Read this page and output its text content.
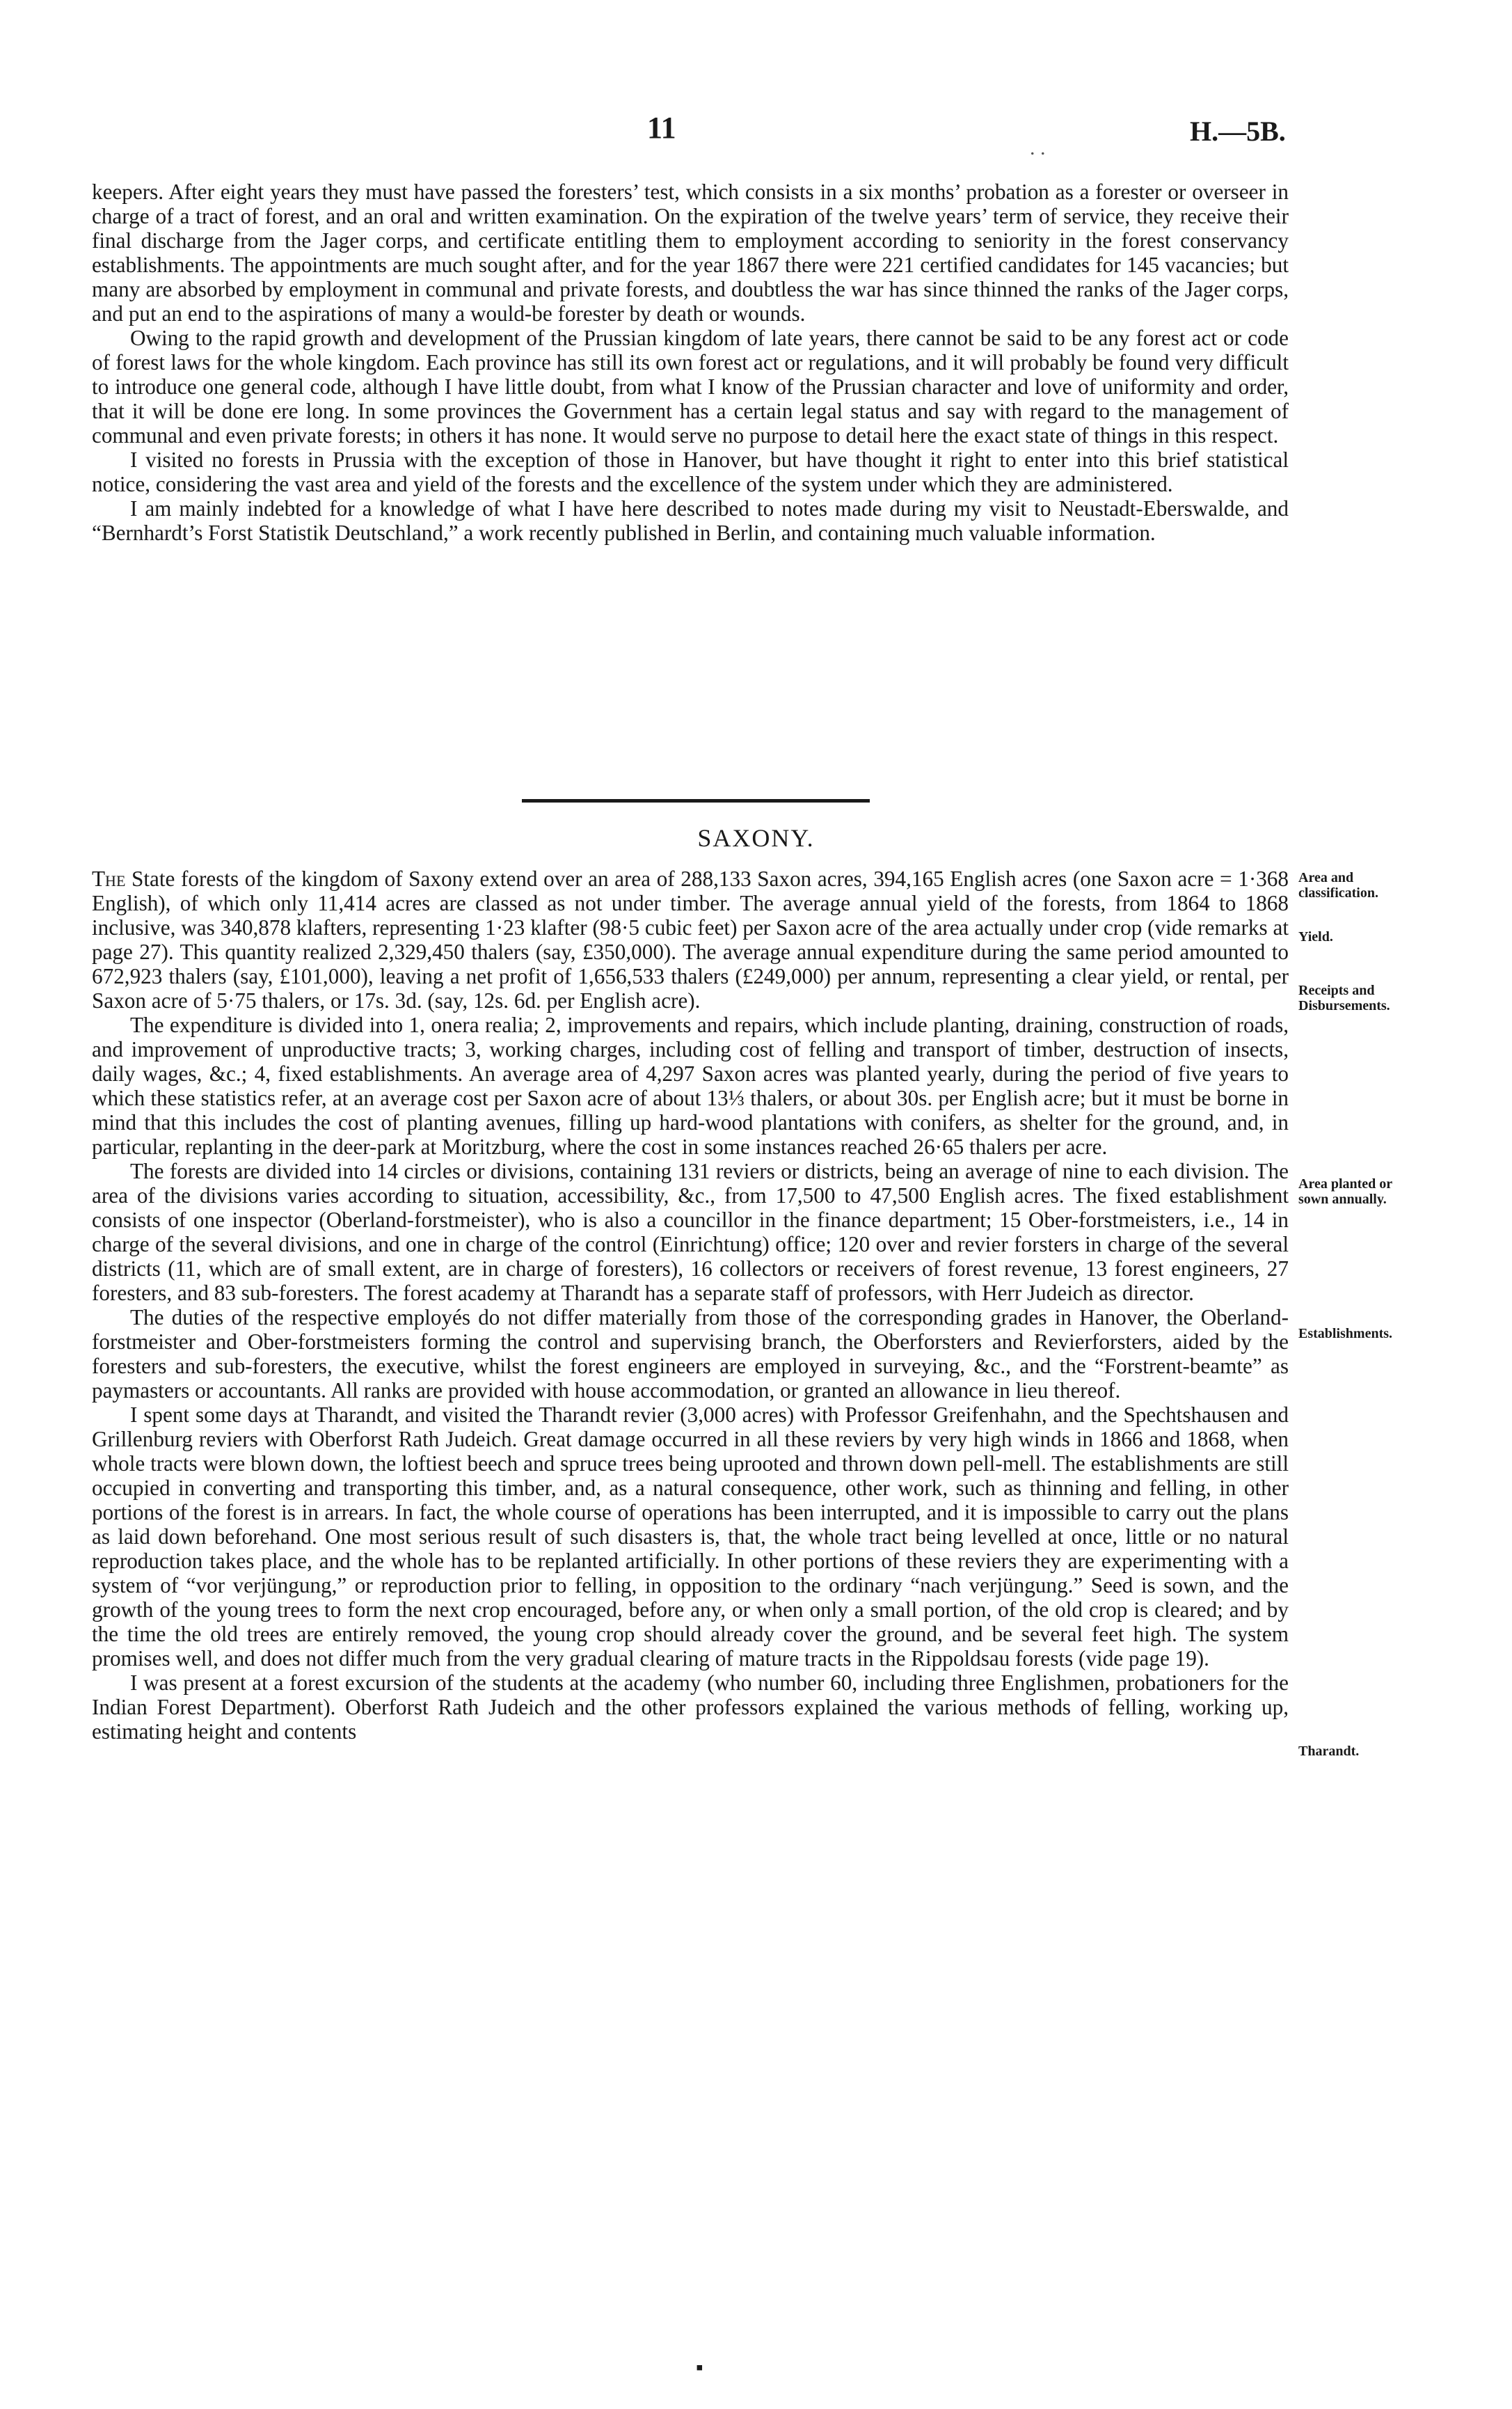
11
. .
H.—5B.

keepers. After eight years they must have passed the foresters’ test, which consists in a six months’ probation as a forester or overseer in charge of a tract of forest, and an oral and written examination. On the expiration of the twelve years’ term of service, they receive their final discharge from the Jager corps, and certificate entitling them to employment according to seniority in the forest conservancy establishments. The appointments are much sought after, and for the year 1867 there were 221 certified candidates for 145 vacancies; but many are absorbed by employment in communal and private forests, and doubtless the war has since thinned the ranks of the Jager corps, and put an end to the aspirations of many a would-be forester by death or wounds.

Owing to the rapid growth and development of the Prussian kingdom of late years, there cannot be said to be any forest act or code of forest laws for the whole kingdom. Each province has still its own forest act or regulations, and it will probably be found very difficult to introduce one general code, although I have little doubt, from what I know of the Prussian character and love of uniformity and order, that it will be done ere long. In some provinces the Government has a certain legal status and say with regard to the management of communal and even private forests; in others it has none. It would serve no purpose to detail here the exact state of things in this respect.

I visited no forests in Prussia with the exception of those in Hanover, but have thought it right to enter into this brief statistical notice, considering the vast area and yield of the forests and the excellence of the system under which they are administered.

I am mainly indebted for a knowledge of what I have here described to notes made during my visit to Neustadt-Eberswalde, and “Bernhardt’s Forst Statistik Deutschland,” a work recently published in Berlin, and containing much valuable information.

SAXONY.

The State forests of the kingdom of Saxony extend over an area of 288,133 Saxon acres, 394,165 English acres (one Saxon acre = 1·368 English), of which only 11,414 acres are classed as not under timber. The average annual yield of the forests, from 1864 to 1868 inclusive, was 340,878 klafters, representing 1·23 klafter (98·5 cubic feet) per Saxon acre of the area actually under crop (vide remarks at page 27). This quantity realized 2,329,450 thalers (say, £350,000). The average annual expenditure during the same period amounted to 672,923 thalers (say, £101,000), leaving a net profit of 1,656,533 thalers (£249,000) per annum, representing a clear yield, or rental, per Saxon acre of 5·75 thalers, or 17s. 3d. (say, 12s. 6d. per English acre).

The expenditure is divided into 1, onera realia; 2, improvements and repairs, which include planting, draining, construction of roads, and improvement of unproductive tracts; 3, working charges, including cost of felling and transport of timber, destruction of insects, daily wages, &c.; 4, fixed establishments. An average area of 4,297 Saxon acres was planted yearly, during the period of five years to which these statistics refer, at an average cost per Saxon acre of about 13⅓ thalers, or about 30s. per English acre; but it must be borne in mind that this includes the cost of planting avenues, filling up hard-wood plantations with conifers, as shelter for the ground, and, in particular, replanting in the deer-park at Moritzburg, where the cost in some instances reached 26·65 thalers per acre.

The forests are divided into 14 circles or divisions, containing 131 reviers or districts, being an average of nine to each division. The area of the divisions varies according to situation, accessibility, &c., from 17,500 to 47,500 English acres. The fixed establishment consists of one inspector (Oberland-forstmeister), who is also a councillor in the finance department; 15 Ober-forstmeisters, i.e., 14 in charge of the several divisions, and one in charge of the control (Einrichtung) office; 120 over and revier forsters in charge of the several districts (11, which are of small extent, are in charge of foresters), 16 collectors or receivers of forest revenue, 13 forest engineers, 27 foresters, and 83 sub-foresters. The forest academy at Tharandt has a separate staff of professors, with Herr Judeich as director.

The duties of the respective employés do not differ materially from those of the corresponding grades in Hanover, the Oberland-forstmeister and Ober-forstmeisters forming the control and supervising branch, the Oberforsters and Revierforsters, aided by the foresters and sub-foresters, the executive, whilst the forest engineers are employed in surveying, &c., and the “Forstrent-beamte” as paymasters or accountants. All ranks are provided with house accommodation, or granted an allowance in lieu thereof.

I spent some days at Tharandt, and visited the Tharandt revier (3,000 acres) with Professor Greifenhahn, and the Spechtshausen and Grillenburg reviers with Oberforst Rath Judeich. Great damage occurred in all these reviers by very high winds in 1866 and 1868, when whole tracts were blown down, the loftiest beech and spruce trees being uprooted and thrown down pell-mell. The establishments are still occupied in converting and transporting this timber, and, as a natural consequence, other work, such as thinning and felling, in other portions of the forest is in arrears. In fact, the whole course of operations has been interrupted, and it is impossible to carry out the plans as laid down beforehand. One most serious result of such disasters is, that, the whole tract being levelled at once, little or no natural reproduction takes place, and the whole has to be replanted artificially. In other portions of these reviers they are experimenting with a system of “vor verjüngung,” or reproduction prior to felling, in opposition to the ordinary “nach verjüngung.” Seed is sown, and the growth of the young trees to form the next crop encouraged, before any, or when only a small portion, of the old crop is cleared; and by the time the old trees are entirely removed, the young crop should already cover the ground, and be several feet high. The system promises well, and does not differ much from the very gradual clearing of mature tracts in the Rippoldsau forests (vide page 19).

I was present at a forest excursion of the students at the academy (who number 60, including three Englishmen, probationers for the Indian Forest Department). Oberforst Rath Judeich and the other professors explained the various methods of felling, working up, estimating height and contents

Area and classification.
Yield.
Receipts and Disbursements.
Area planted or sown annually.
Establishments.
Tharandt.
▪
